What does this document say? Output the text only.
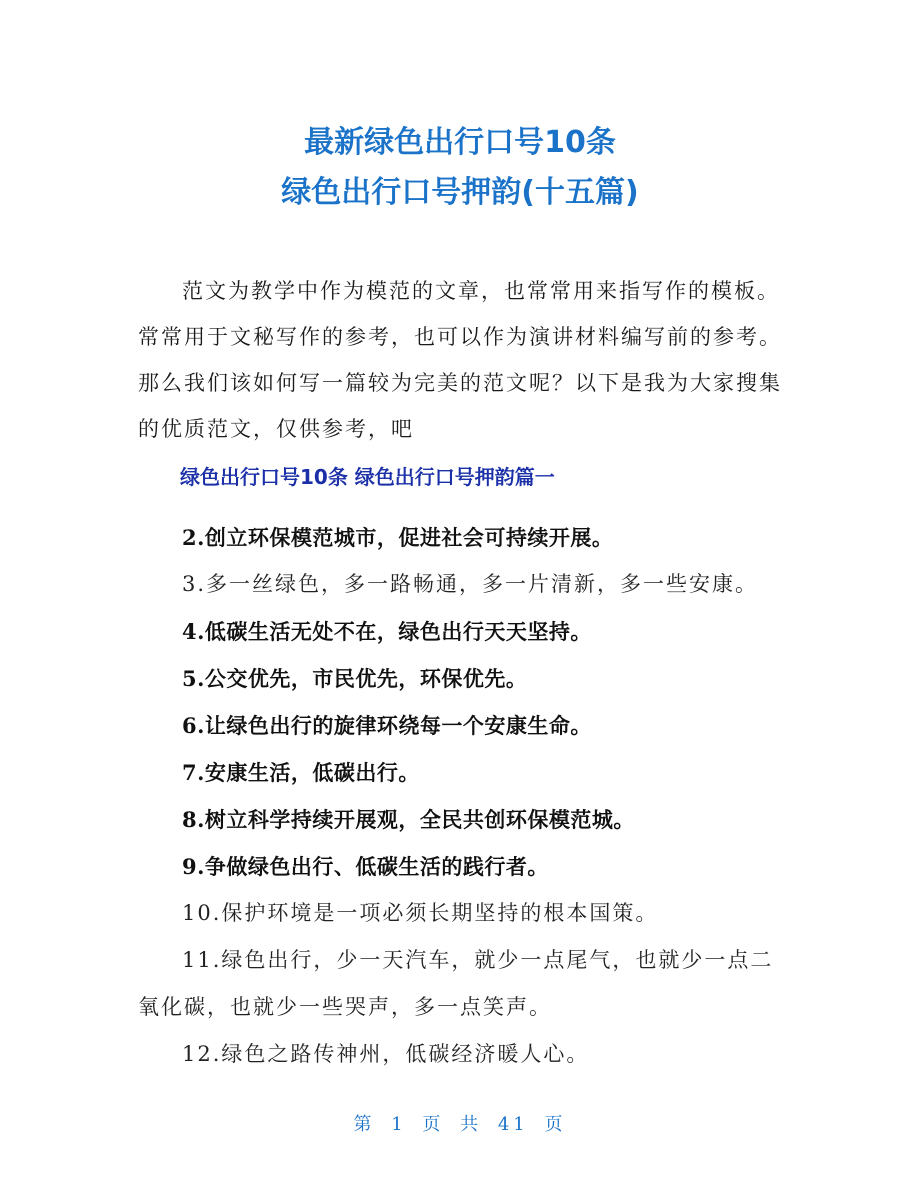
最新绿色出行口号10条
绿色出行口号押韵(十五篇)

范文为教学中作为模范的文章，也常常用来指写作的模板。常常用于文秘写作的参考，也可以作为演讲材料编写前的参考。那么我们该如何写一篇较为完美的范文呢？以下是我为大家搜集的优质范文，仅供参考，吧

绿色出行口号10条 绿色出行口号押韵篇一
2.创立环保模范城市，促进社会可持续开展。
3.多一丝绿色，多一路畅通，多一片清新，多一些安康。
4.低碳生活无处不在，绿色出行天天坚持。
5.公交优先，市民优先，环保优先。
6.让绿色出行的旋律环绕每一个安康生命。
7.安康生活，低碳出行。
8.树立科学持续开展观，全民共创环保模范城。
9.争做绿色出行、低碳生活的践行者。
10.保护环境是一项必须长期坚持的根本国策。
11.绿色出行，少一天汽车，就少一点尾气，也就少一点二氧化碳，也就少一些哭声，多一点笑声。
12.绿色之路传神州，低碳经济暖人心。
第 1 页 共 41 页
